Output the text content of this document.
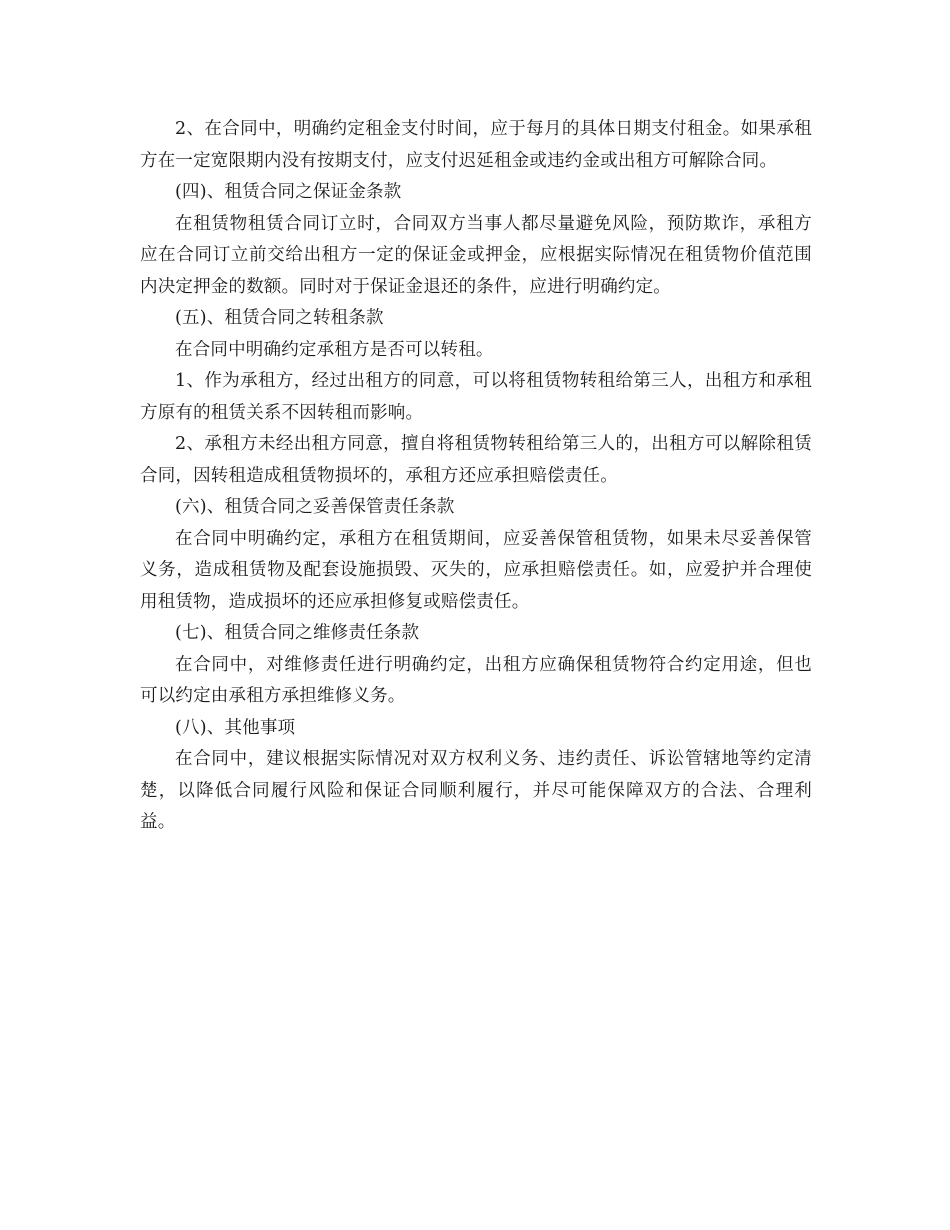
2、在合同中，明确约定租金支付时间，应于每月的具体日期支付租金。如果承租方在一定宽限期内没有按期支付，应支付迟延租金或违约金或出租方可解除合同。

(四)、租赁合同之保证金条款

在租赁物租赁合同订立时，合同双方当事人都尽量避免风险，预防欺诈，承租方应在合同订立前交给出租方一定的保证金或押金，应根据实际情况在租赁物价值范围内决定押金的数额。同时对于保证金退还的条件，应进行明确约定。

(五)、租赁合同之转租条款

在合同中明确约定承租方是否可以转租。

1、作为承租方，经过出租方的同意，可以将租赁物转租给第三人，出租方和承租方原有的租赁关系不因转租而影响。

2、承租方未经出租方同意，擅自将租赁物转租给第三人的，出租方可以解除租赁合同，因转租造成租赁物损坏的，承租方还应承担赔偿责任。

(六)、租赁合同之妥善保管责任条款

在合同中明确约定，承租方在租赁期间，应妥善保管租赁物，如果未尽妥善保管义务，造成租赁物及配套设施损毁、灭失的，应承担赔偿责任。如，应爱护并合理使用租赁物，造成损坏的还应承担修复或赔偿责任。

(七)、租赁合同之维修责任条款

在合同中，对维修责任进行明确约定，出租方应确保租赁物符合约定用途，但也可以约定由承租方承担维修义务。

(八)、其他事项

在合同中，建议根据实际情况对双方权利义务、违约责任、诉讼管辖地等约定清楚，以降低合同履行风险和保证合同顺利履行，并尽可能保障双方的合法、合理利益。
